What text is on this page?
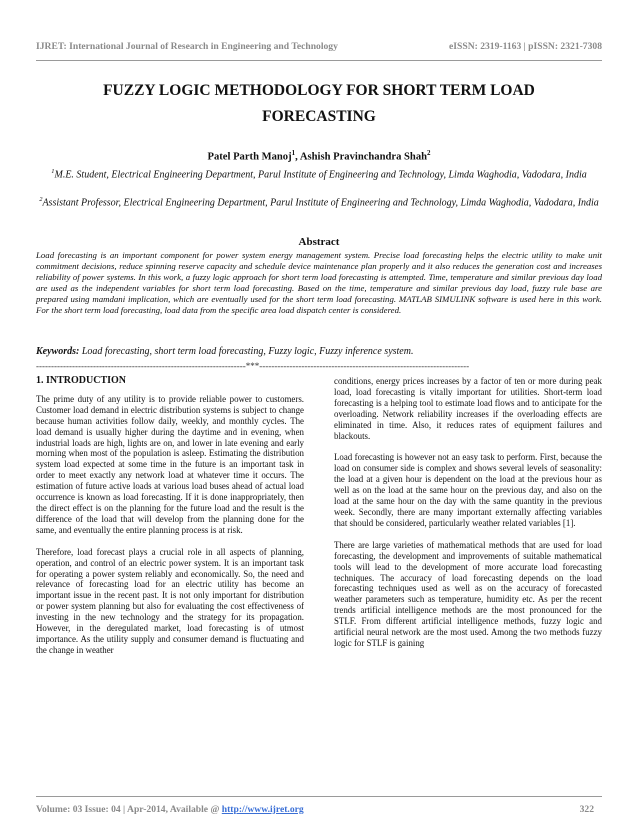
IJRET: International Journal of Research in Engineering and Technology	eISSN: 2319-1163 | pISSN: 2321-7308
FUZZY LOGIC METHODOLOGY FOR SHORT TERM LOAD
FORECASTING
Patel Parth Manoj$^1$, Ashish Pravinchandra Shah$^2$
$^1$M.E. Student, Electrical Engineering Department, Parul Institute of Engineering and Technology, Limda Waghodia, Vadodara, India
$^2$Assistant Professor, Electrical Engineering Department, Parul Institute of Engineering and Technology, Limda Waghodia, Vadodara, India
Abstract
Load forecasting is an important component for power system energy management system. Precise load forecasting helps the electric utility to make unit commitment decisions, reduce spinning reserve capacity and schedule device maintenance plan properly and it also reduces the generation cost and increases reliability of power systems. In this work, a fuzzy logic approach for short term load forecasting is attempted. Time, temperature and similar previous day load are used as the independent variables for short term load forecasting. Based on the time, temperature and similar previous day load, fuzzy rule base are prepared using mamdani implication, which are eventually used for the short term load forecasting. MATLAB SIMULINK software is used here in this work. For the short term load forecasting, load data from the specific area load dispatch center is considered.
Keywords: Load forecasting, short term load forecasting, Fuzzy logic, Fuzzy inference system.
----------------------------------------------------------------------***----------------------------------------------------------------------
1. INTRODUCTION

The prime duty of any utility is to provide reliable power to customers. Customer load demand in electric distribution systems is subject to change because human activities follow daily, weekly, and monthly cycles. The load demand is usually higher during the daytime and in evening, when industrial loads are high, lights are on, and lower in late evening and early morning when most of the population is asleep. Estimating the distribution system load expected at some time in the future is an important task in order to meet exactly any network load at whatever time it occurs. The estimation of future active loads at various load buses ahead of actual load occurrence is known as load forecasting. If it is done inappropriately, then the direct effect is on the planning for the future load and the result is the difference of the load that will develop from the planning done for the same, and eventually the entire planning process is at risk.

Therefore, load forecast plays a crucial role in all aspects of planning, operation, and control of an electric power system. It is an important task for operating a power system reliably and economically. So, the need and relevance of forecasting load for an electric utility has become an important issue in the recent past. It is not only important for distribution or power system planning but also for evaluating the cost effectiveness of investing in the new technology and the strategy for its propagation. However, in the deregulated market, load forecasting is of utmost importance. As the utility supply and consumer demand is fluctuating and the change in weather

conditions, energy prices increases by a factor of ten or more during peak load, load forecasting is vitally important for utilities. Short-term load forecasting is a helping tool to estimate load flows and to anticipate for the overloading. Network reliability increases if the overloading effects are eliminated in time. Also, it reduces rates of equipment failures and blackouts.

Load forecasting is however not an easy task to perform. First, because the load on consumer side is complex and shows several levels of seasonality: the load at a given hour is dependent on the load at the previous hour as well as on the load at the same hour on the previous day, and also on the load at the same hour on the day with the same quantity in the previous week. Secondly, there are many important externally affecting variables that should be considered, particularly weather related variables [1].

There are large varieties of mathematical methods that are used for load forecasting, the development and improvements of suitable mathematical tools will lead to the development of more accurate load forecasting techniques. The accuracy of load forecasting depends on the load forecasting techniques used as well as on the accuracy of forecasted weather parameters such as temperature, humidity etc. As per the recent trends artificial intelligence methods are the most pronounced for the STLF. From different artificial intelligence methods, fuzzy logic and artificial neural network are the most used. Among the two methods fuzzy logic for STLF is gaining

Volume: 03 Issue: 04 | Apr-2014, Available @ http://www.ijret.org	322
